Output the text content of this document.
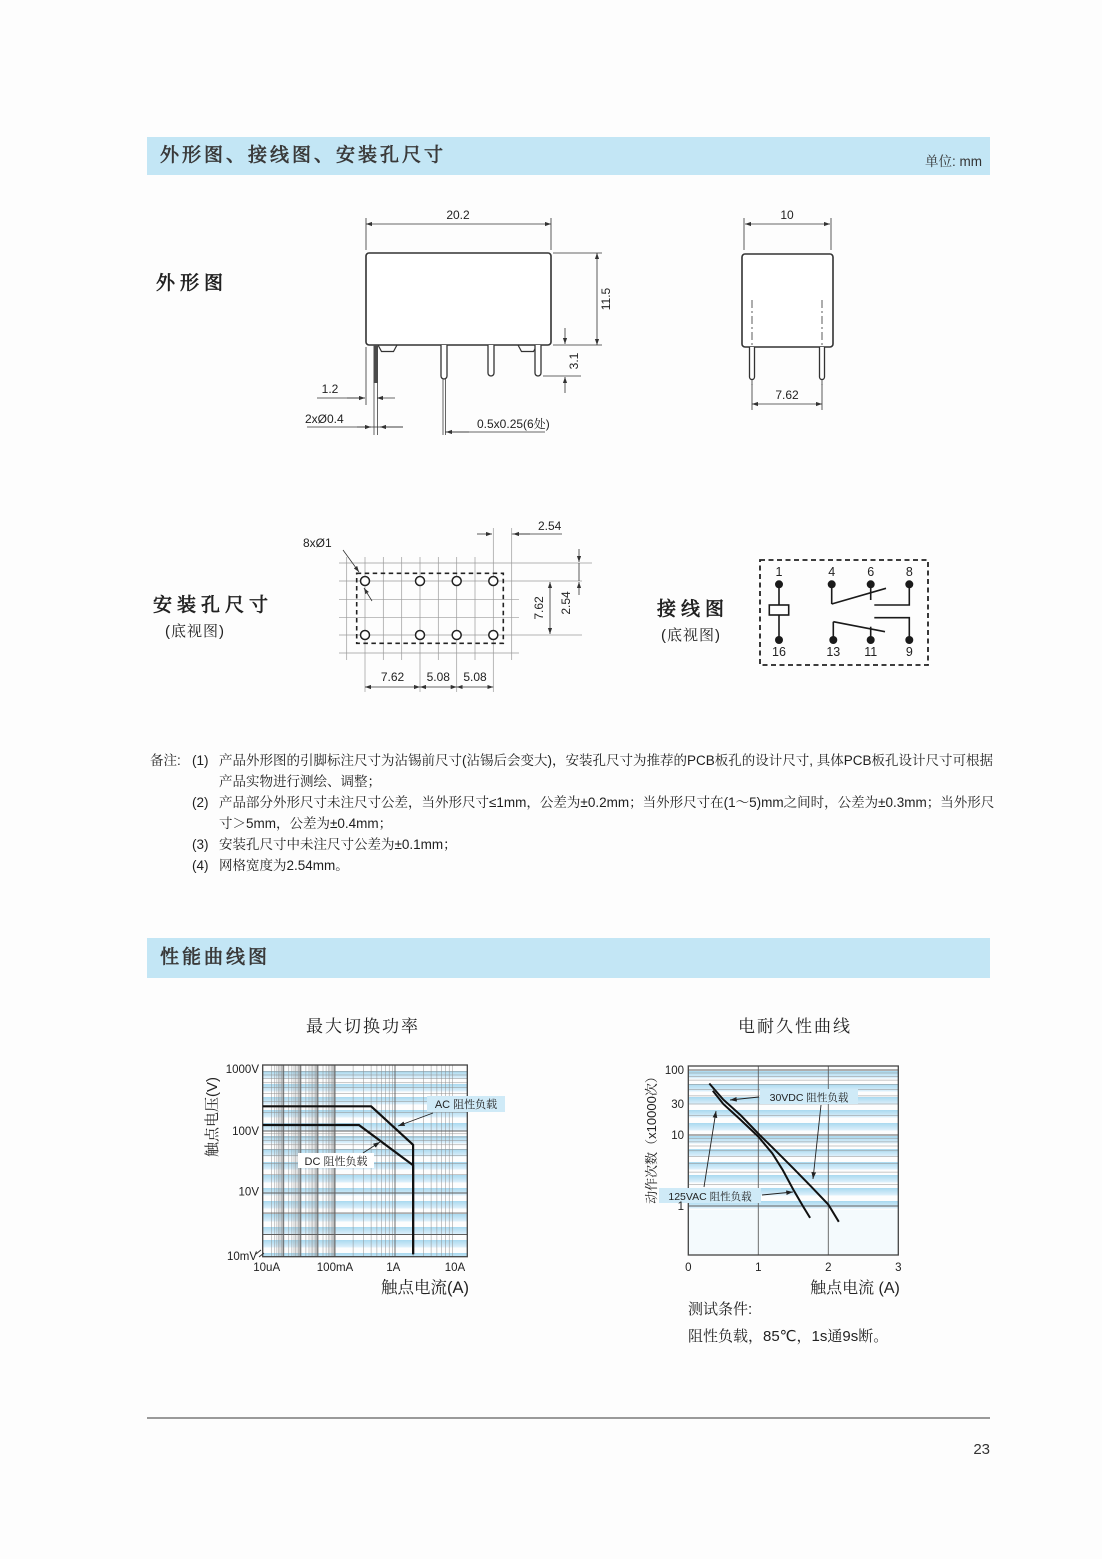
外形图、接线图、安装孔尺寸	单位: mm
外形图
20.2
11.5
3.1
1.2
2xØ0.4	0.5x0.25(6处)
10
7.62
安装孔尺寸
(底视图)
接线图
(底视图)
8xØ1
2.54
7.62 2.54
7.62 5.08 5.08
1	4	6	8
16	13 11 9
备注: (1) 产品外形图的引脚标注尺寸为沾锡前尺寸(沾锡后会变大)，安装孔尺寸为推荐的PCB板孔的设计尺寸, 具体PCB板孔设计尺寸可根据产品实物进行测绘、调整；
(2) 产品部分外形尺寸未注尺寸公差，当外形尺寸≤1mm，公差为±0.2mm；当外形尺寸在(1～5)mm之间时，公差为±0.3mm；当外形尺寸＞5mm，公差为±0.4mm；
(3) 安装孔尺寸中未注尺寸公差为±0.1mm；
(4) 网格宽度为2.54mm。
性能曲线图
最大切换功率	电耐久性曲线
AC 阻性负载
DC 阻性负载
1000V
100V
10V
10mV
10uA	100mA	1A	10A
触点电压(V)
触点电流(A)
30VDC 阻性负载
125VAC 阻性负载
100
30
10
1
0	1	2	3
动作次数（x10000次）
触点电流 (A)
测试条件:
阻性负载，85℃，1s通9s断。
23
